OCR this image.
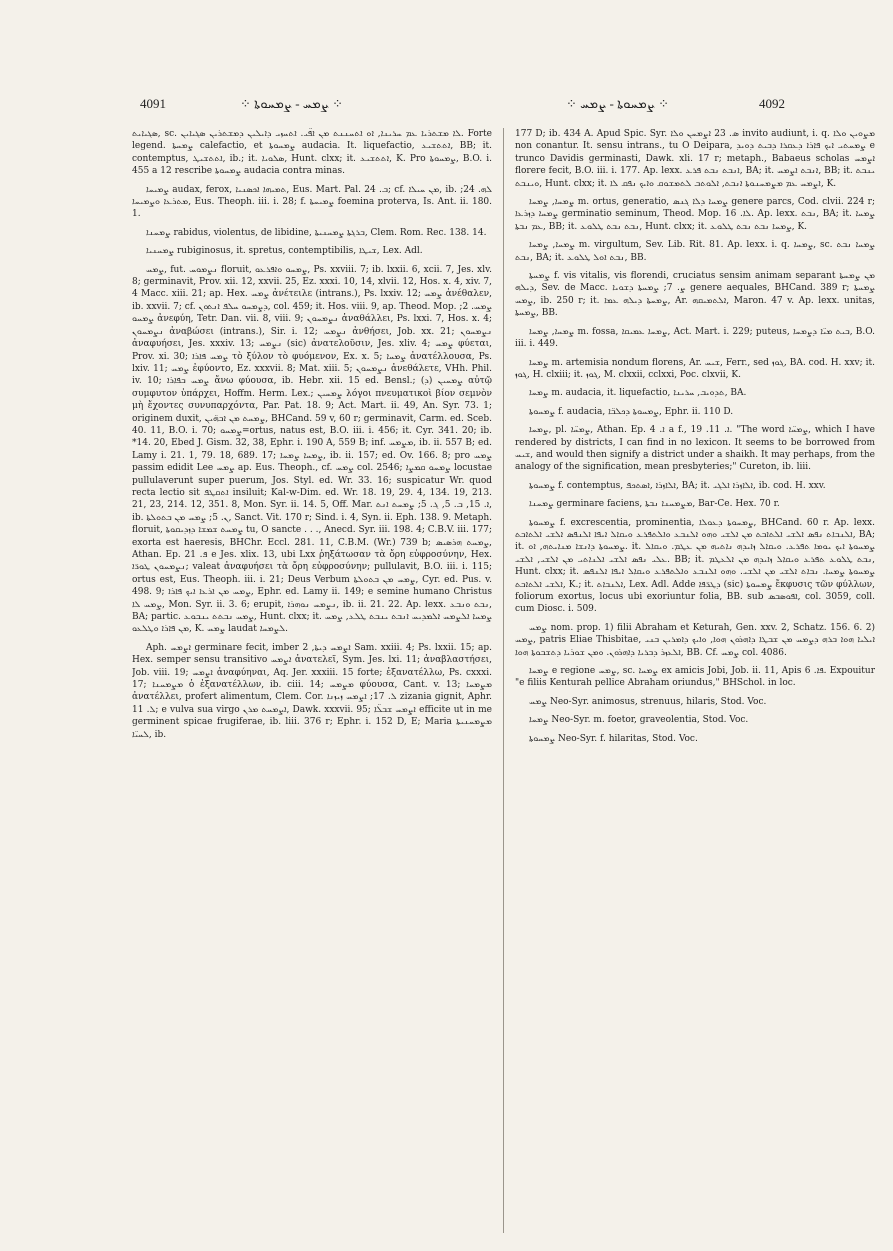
4091	⁘ ܨܡܚ - ܨܡܚܘܬܐ ⁘	⁘ ܨܡܚܘܬܐ - ܨܡܚ ⁘	4092

ܣܓܝܐܝܬ, sc. ܠܐ ܡܫܬܪܝܐ ܥܡ ܚܪܝܢܐ, ܐܘ ܐܬܚܢܢܬ ܡܢ ܐܦ̈ܝ. ܐܬܚܙܝ ܕܐܝܠܝܢ ܕܡܫܬܪܝܢ ܣܓܝܐܝܢ. Forte legend. ܨܡܚܬܐ calefactio, et ܨܡܚܘܬܐ audacia. It. liquefactio, ܐܬܬܫܝܥ, BB; it. contemptus, ܐܬܬܫܝܛ, ib.; it. ܣܠܘܝܐ, Hunt. clxx; it. ܐܬܬܫܝܥ, K. Pro ܨܡܚܘܬܐ, B.O. i. 455 a 12 rescribe ܨܡܚܘܬܐ audacia contra minas.

ܨܡܝܚܐ audax, ferox, ܬܡܝܗܐ ܐܟܣܢܝܐ, Eus. Mart. Pal. ܒ. 24; cf. ܡܢ ܚܝܠܐ, ib. ܠܗ. 24; ܡܬܪܥܐ ܘܨܡܝܚܐ, Eus. Theoph. iii. i. 28; f. ܨܡܝܚܬܐ foemina proterva, Is. Ant. ii. 180. 1.

ܨܡܚܢܐ rabidus, violentus, de libidine, ܒܪܓܬܐ ܨܡܚܢܝܬܐ, Clem. Rom. Rec. 138. 14.

ܨܡܚܢܝܐ rubiginosus, it. spretus, contemptibilis, ܫܝܛܐ, Lex. Adl.

ܨܡܚ, fut. ܢܨܡܘܚ floruit, ܨܡܚܘ ܘܐܦܪܥܘ, Ps. xxviii. 7; ib. lxxii. 6, xcii. 7, Jes. xlv. 8; germinavit, Prov. xii. 12, xxvii. 25, Ez. xxxi. 10, 14, xlvii. 12, Hos. x. 4, xiv. 7, 4 Macc. xiii. 21; ap. Hex. ܨܡܚ ἀνέτειλε (intrans.), Ps. lxxiv. 12; ܨܡܚ ἀνέθαλεν, ib. xxvii. 7; cf. ܕܨܡܚܘ ܚܠܦ ܐܢܬܘܢ, col. 459; it. Hos. viii. 9, ap. Theod. Mop. ܨܡܚ. 2; ܨܡܚܘ ἀνεφύη, Tetr. Dan. vii. 8, viii. 9; ܢܨܡܚܘܢ ἀναθάλλει, Ps. lxxi. 7, Hos. x. 4; ܢܨܡܚܘܢ ἀναβώσει (intrans.), Sir. i. 12; ܢܨܡܚ ἀνθήσει, Job. xx. 21; ܢܨܡܚܘܢ ἀναφυήσει, Jes. xxxiv. 13; ܢܨܡܚ (sic) ἀνατελοῦσιν, Jes. xliv. 4; ܨܡܚ φύεται, Prov. xi. 30; ܨܡܚ ܦܐܪܐ τὸ ξύλον τὸ φυόμενον, Ex. x. 5; ܨܡܚܐ ἀνατέλλουσα, Ps. lxiv. 11; ܨܡܚ ἐφύοντο, Ez. xxxvii. 8; Mat. xiii. 5; ܢܨܡܚܘܢ ἀνεθάλετε, VHh. Phil. iv. 10; ܨܡܚ ܒܦܐܪܐ ἄνω φύουσα, ib. Hebr. xii. 15 ed. Bensl.; ܨܡܚܝܢ (ܕ) αὐτῷ συμφυτον ὑπάρχει, Hoffm. Herm. Lex.; ܨܡܚܝܢ λόγοι πνευματικοὶ βίον σεμνὸν μὴ ἔχοντες συνυπαρχόντα, Par. Pat. 18. 9; Act. Mart. ii. 49, An. Syr. 73. 1; originem duxit, ܨܡܚܬ ܡܢ ܐܒܗ̈ܝܢ, BHCand. 59 v, 60 r; germinavit, Carm. ed. Sceb. 40. 11, B.O. i. 70; ܨܡܚܘ=ortus, natus est, B.O. iii. i. 456; it. Cyr. 341. 20; ib. *14. 20, Ebed J. Gism. 32, 38, Ephr. i. 190 A, 559 B; inf. ܡܨܡܚ, ib. ii. 557 B; ed. Lamy i. 21. 1, 79. 18, 689. 17; ܨܡܚܐ ܨܡܚܐ, ib. ii. 157; ed. Ov. 166. 8; pro ܨܡܚ passim edidit Lee ܨܡܚ ap. Eus. Theoph., cf. ܨܡܚ col. 2546; ܨܡܚܘ ܩܡܨܐ locustae pullulaverunt super puerum, Jos. Styl. ed. Wr. 33. 16; suspicatur Wr. quod recta lectio sit ܐܬܩܛܦ insiluit; Kal-w-Dim. ed. Wr. 18. 19, 29. 4, 134. 19, 213. 21, 23, 214. 12, 351. 8, Mon. Syr. ii. 14. 5, Off. Mar. ܐ. 15, ܒ. 5, ܓ. 5; ܨܡܚܬ ܐܢܬ, ib. ܢ. 5; ܨܡܚ ܡܢ ܒܬܘܠܬܐ, Sanct. Vit. 170 r; Sind. i. 4, Syn. ii. Eph. 138. 9. Metaph. floruit, ܨܡܚܬ ܫܡܫܐ ܕܙܕܝܩܘܬܐ tu, O sancte . . ., Anecd. Syr. iii. 198. 4; C.B.V. iii. 177; exorta est haeresis, BHChr. Eccl. 281. 11, C.B.M. (Wr.) 739 b; ܨܡܚܬ ܗܪܣܝܣ, Athan. Ep. ܦ. 21 e Jes. xlix. 13, ubi Lxx ῥηξάτωσαν τὰ ὄρη εὐφροσύνην, Hex. ܢܨܡܚܘܢ ܛܘܪ̈ܐ; valeat ἀναφυήσει τὰ ὄρη εὐφροσύνην; pullulavit, B.O. iii. i. 115; ortus est, Eus. Theoph. iii. i. 21; Deus Verbum ܨܡܚ ܡܢ ܒܬܘܠܬܐ, Cyr. ed. Pus. v. 498. 9; ܨܡܚ ܡܢ ܐܪܥܐ ܐܝܟ ܦܐܪܐ, Ephr. ed. Lamy ii. 149; e semine humano Christus ܨܡܚ ܠܐ, Mon. Syr. ii. 3. 6; erupit, ܢܨܡܚ ܢܘܗܪܐ, ib. ii. 21. 22. Ap. lexx. ܢܒܬ ܘܢܒܥ, BA; partic. ܨܡܚ ܢܒܬܬ ܝܢܒܘܥ, Hunt. clxx; it. ܨܡܚܐ ܐܠܨܡܚ ܐܠܡܕܝܚ ܐܢܒܬ ܝܢܒܬ ܛܠܥ, ܨܡܚ ܡܢ ܦܐܪܐ ܘܛܠܥܘ, K. ܨܡܚ laudat ܠܨܡܚܐ.

Aph. ܐܨܡܚ germinare fecit, imber ܐܨܡܚ ܕܝܬܐ, 2 Sam. xxiii. 4; Ps. lxxii. 15; ap. Hex. semper sensu transitivo ܐܨܡܚ ἀνατελεῖ, Sym. Jes. lxi. 11; ἀναβλαστήσει, Job. viii. 19; ܐܨܡܚ ἀναφύηναι, Aq. Jer. xxxiii. 15 forte; ἐξανατέλλω, Ps. cxxxi. 17; ܡܨܡܚܢܐ ὁ ἐξανατέλλων, ib. ciii. 14; ܡܨܡܚ φύουσα, Cant. v. 13; ܡܨܡܚܐ ἀνατέλλει, profert alimentum, Clem. Cor. ܠ. 17; ܐܨܡܚ ܙܝܙܢܐ zizania gignit, Aphr. ܠ. 11; e vulva sua virgo ܐܨܡܚܬ ܡܪܢ, Dawk. xxxvii. 95; ܐܨܡܚ ܫܒܠ̈ܐ efficite ut in me germinent spicae frugiferae, ib. liii. 376 r; Ephr. i. 152 D, E; Maria ܡܨܡܚܢܝܬܐ ܠܚܝ̈ܐ, ib.

177 D; ib. 434 A. Apud Spic. Syr. ܣ. 23 ܐܨܡܚܢ ܘܠܐ invito audiunt, i. q. ܡܨܘܝܢ ܘܠܐ non conantur. It. sensu intrans., tu O Deipara, ܨܡܚܬܝ ܐܝܟ ܦܐܪܐ ܕܥܩܪܐ ܕܒܝܬ ܕܘܝܕ e trunco Davidis germinasti, Dawk. xli. 17 r; metaph., Babaeus scholas ܐܨܡܚ florere fecit, B.O. iii. i. 177. Ap. lexx. ܐܢܒܬ ܢܒܬ ܦܪܥ, BA; it. ܐܢܒܬ ܐܨܡܚ, BB; it. ܝܢܒܬ ܘܝܢܒܬ, Hunt. clxx; it. ܐܨܡܚ ܥܡ ܡܨܡܚܢܘܬܐ ܐܢܒܬ, ܐܠܘܬܒ ܠܬܡܫܘܩ ܘܐܝܟ ܢܦܩ ܠܐ, K.

ܨܡܚܐ, ܨܡܚܐ m. ortus, generatio, ܨܡܚܐ ܕܠܐ ܓܢܣ genere parcs, Cod. clvii. 224 r; ܨܡܚܐ ܕܙܪܥܐ germinatio seminum, Theod. Mop. ܠܐ. 16. Ap. lexx. ܢܒܬ, BA; it. ܨܡܚܐ ܥܡ ܢܒܬܐ, BB; it. ܢܒܬ ܢܒܬ ܛܠܘܥ, Hunt. clxx; it. ܨܡܚܐ ܢܒܬ ܢܒܬ ܛܠܘܥ, K.

ܨܡܚܐ, ܨܡܚܐ m. virgultum, Sev. Lib. Rit. 81. Ap. lexx. i. q. ܨܡܚܐ, sc. ܨܡܚܐ ܢܒܬ ܢܒܬ, BA; it. ܢܒܬ ܐܘܠ ܛܠܘܥ, BB.

ܨܡܚܬܐ f. vis vitalis, vis florendi, cruciatus sensim animam separant ܡܢ ܨܡܚܬܐ ܕܝܠܗ, Sev. de Macc. ܨ. 7; ܨܡܚܬܐ ܕܫܘܝܐ genere aequales, BHCand. 389 r; ܨܡܚܬܐ ܨܡܚ, ib. 250 r; it. ܨܡܚܬܐ ܕܝܠܗ ܥܡܐ, Ar. ܐܠܬܡܝܩܗ, Maron. 47 v. Ap. lexx. unitas, ܨܡܚܬܐ, BB.

ܨܡܚܐ, ܨܡܚܐ m. fossa, ܨܡܚܐ ܥܡܝܩܐ, Act. Mart. i. 229; puteus, ܒܝܬ ܡܝ̈ܐ ܕܨܡܚܐ, B.O. iii. i. 449.

ܨܡܚܐ m. artemisia nondum florens, Ar. ܫܝܚ, Ferr., sed ܓܘܙ, BA. cod. H. xxv; it. ܓܘܙ, H. clxiii; it. ܓܘܙ, M. clxxii, cclxxi, Poc. clxvii, K.

ܨܡܚܐ m. audacia, it. liquefactio, ܬܕܘܝܒ, ܚܪܝܢܐ, BA.

ܨܡܚܘܬܐ f. audacia, ܨܡܚܘܬܐ ܕܟܠܒ̈ܐ, Ephr. ii. 110 D.

ܨܡܚܐ, pl. ܨܡܚ̈ܐ, Athan. Ep. ܐ. 4 a f., ܐ. 11. 19. "The word ܨܡܚ̈ܐ, which I have rendered by districts, I can find in no lexicon. It seems to be borrowed from ܫܝܚ, and would then signify a district under a shaikh. It may perhaps, from the analogy of the signification, mean presbyteries;" Cureton, ib. liii.

ܨܡܚܘܬܐ f. contemptus, ܐܠܐܙܪܐ ,ܐܣܬܟܦ, BA; it. ܐܠܐܙܪܐ ܐܠܓܝ, ib. cod. H. xxv.

ܨܡܚܢܐ germinare faciens, ܡܨܡܚܢܐ ܢܒܬܐ, Bar-Ce. Hex. 70 r.

ܨܡܚܘܬܐ f. excrescentia, prominentia, ܨܡܚܘܬܐ ܕܥܘܠܐ, BHCand. 60 r. Ap. lexx. ܐܠܢܒܐܬ ܢܦܣ ܐܠܫܝ ܐܠܬܐܒܬ ܡܢ ܐܠܫܝ ܘܗܘ ܐܠܢܒܥ ܘܐܠܬܦܪܥ ܘܝܩܐܠ ܐܝܦܐ ܐܠܢܦܣ ܐܠܫܝ ܐܠܬܐܒܬ, BA; it. ܨܡܚܘܬܐ ܕܐܢܫܐ ܡܢܐܝܬܗ, ܐܘ. it. ܨܡܚܘܬܐ ܐܝܟ ܝܘܡܐ ܬܦܪܥ. ܘܝܩܐܠ ܙܐܝܕܗ ܢܐܬܝܗ ܡܢ ܥܛܡ. ܘܝܩܐܠ ܥܠܝ ܢܦܣ ܐܠܫܝ ܐܠܢܐܬܝ ܡܢ ܐܠܫܝ, ܐܠܫܝ. BB; it. ܢܒܬ ܛܠܘܥ ܬܦܪܥ ܘܝܩܐܠ ܙܐܝܕܗ ܡܢ ܐܠܥܛܡ, Hunt. clxx; it. ܨܡܚܘܬܐ ܨܡܚܐ. ܢܒܐܬ ܐܠܫܝ ܡܢ ܐܠܫܝ. ܘܗܘ ܐܠܢܒܥ ܘܐܠܬܦܪܥ ܘܝܩܐܠ ܐܝܦܐ ܐܠܢܦܣ ܐܠܫܝ ܐܠܬܐܒܬ, K.; it. ܐܠܢܒܐܬ, Lex. Adl. Adde ܕܛܪ̈ܦܐ (sic) ܨܡܚܘܬܐ ἔκφυσις τῶν φύλλων, foliorum exortus, locus ubi exoriuntur folia, BB. sub ܐܦܘܣܒܣ, col. 3059, coll. cum Diosc. i. 509.

ܨܡܚ nom. prop. 1) filii Abraham et Keturah, Gen. xxv. 2, Schatz. 156. 6. 2) ܨܡܚ, patris Eliae Thisbitae, ܐܝܠܝܐ ܗܘܐ ܒܪܗ ܕܨܡܚ ܡܢ ܫܒܛܐ ܕܐܗܪܘܢ ܗܘܐ, ܘܐܝܟ ܕܐܡܪܝܢ ܒܢܝ ܐܠܥܙܪ ܕܒܪܝܐ ܕܐܗܪܘܢ. ܘܡܢ ܫܘܪܝܐ ܕܬܫܒܘܬܐ ܗܘܐ, BB. Cf. ܨܡܚ col. 4086.

ܨܡܚܐ e regione ܨܡܚ, sc. ܨܡܚܐ ex amicis Jobi, Job. ii. 11, Apis ܦܐ. 6. Expouitur "e filiis Kenturah pellice Abraham oriundus," BHSchol. in loc.

ܨܡܚ Neo-Syr. animosus, strenuus, hilaris, Stod. Voc.

ܨܡܚܐ Neo-Syr. m. foetor, graveolentia, Stod. Voc.

ܨܡܚܘܬܐ Neo-Syr. f. hilaritas, Stod. Voc.
